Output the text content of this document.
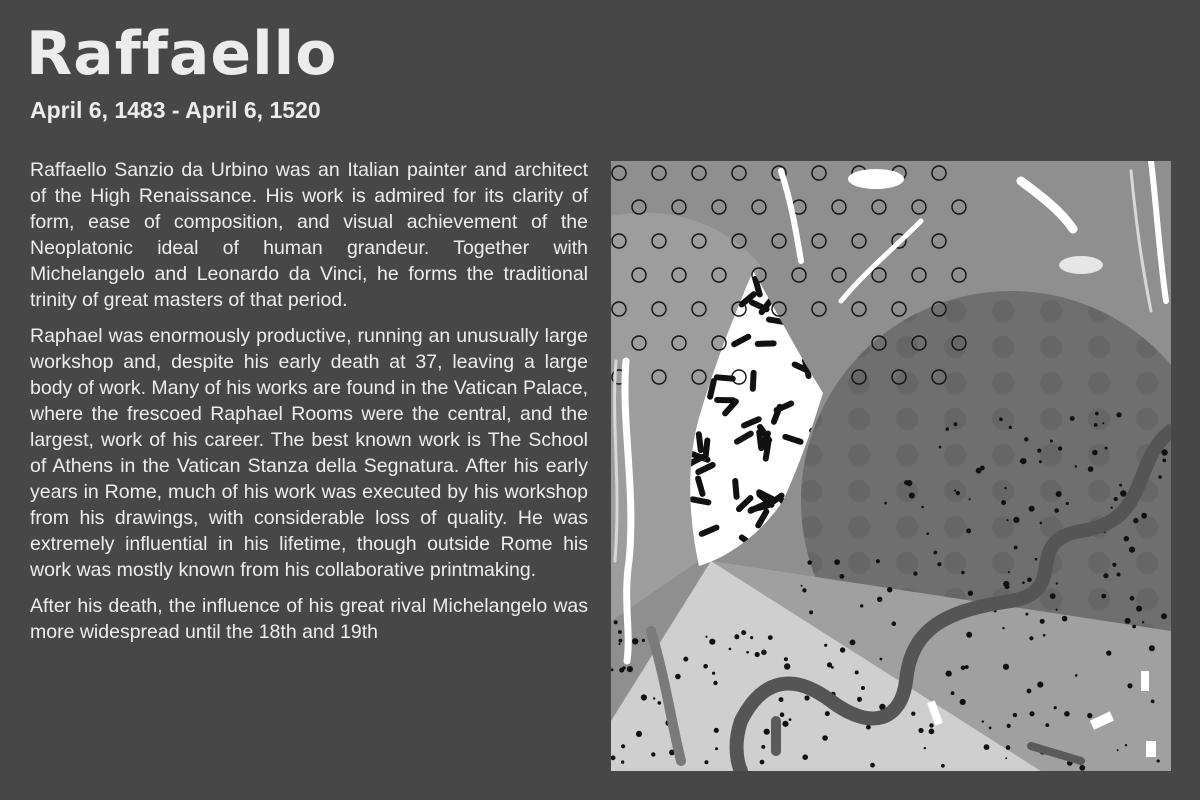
Raffaello
April 6, 1483 - April 6, 1520

Raffaello Sanzio da Urbino was an Italian painter and architect of the High Renaissance. His work is admired for its clarity of form, ease of composition, and visual achievement of the Neoplatonic ideal of human grandeur. Together with Michelangelo and Leonardo da Vinci, he forms the traditional trinity of great masters of that period.

Raphael was enormously productive, running an unusually large workshop and, despite his early death at 37, leaving a large body of work. Many of his works are found in the Vatican Palace, where the frescoed Raphael Rooms were the central, and the largest, work of his career. The best known work is The School of Athens in the Vatican Stanza della Segnatura. After his early years in Rome, much of his work was executed by his workshop from his drawings, with considerable loss of quality. He was extremely influential in his lifetime, though outside Rome his work was mostly known from his collaborative printmaking.

After his death, the influence of his great rival Michelangelo was more widespread until the 18th and 19th
